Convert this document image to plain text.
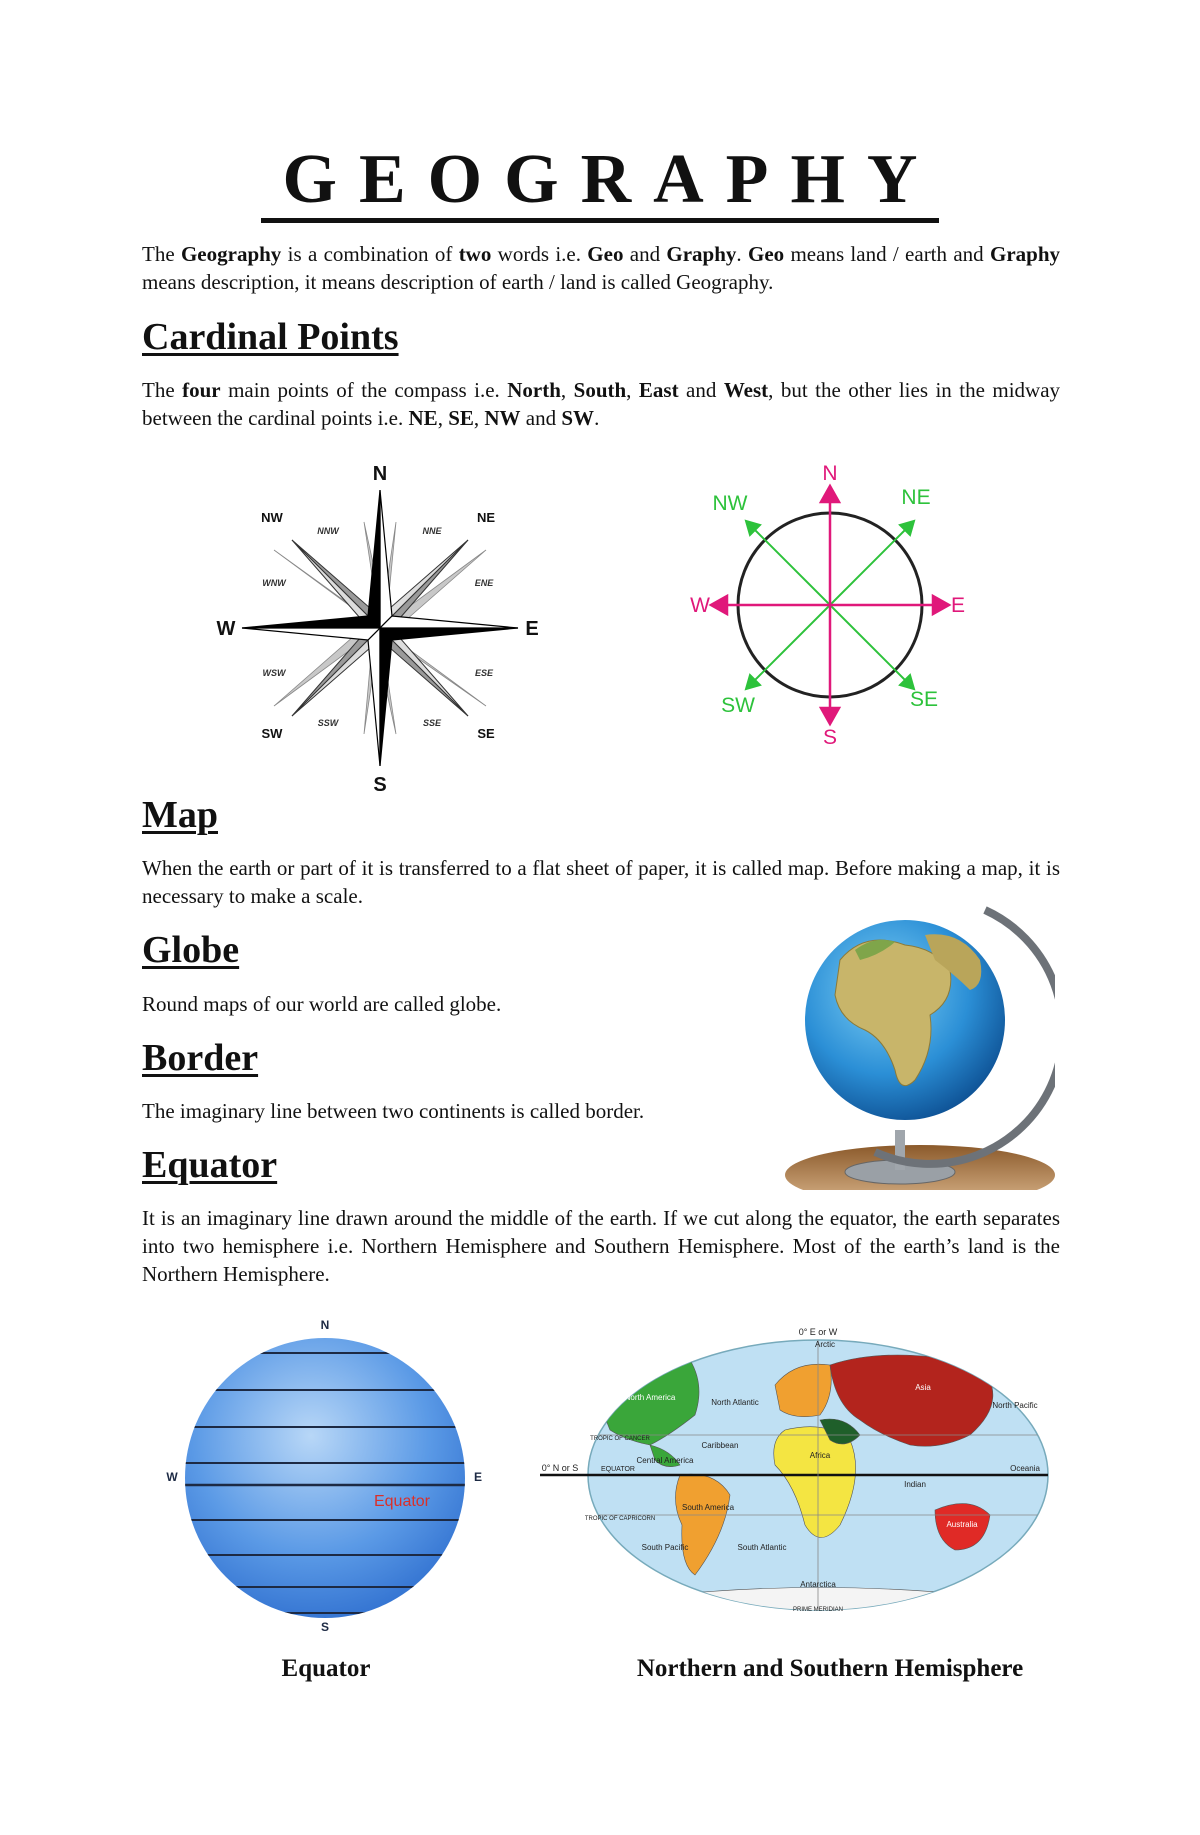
GEOGRAPHY
The Geography is a combination of two words i.e. Geo and Graphy. Geo means land / earth and Graphy means description, it means description of earth / land is called Geography.
Cardinal Points
The four main points of the compass i.e. North, South, East and West, but the other lies in the midway between the cardinal points i.e. NE, SE, NW and SW.
N
E
S
W
NE
SE
SW
NW
NNE
ENE
ESE
SSE
SSW
WSW
WNW
NNW
N
NE
E
SE
S
SW
W
NW
Map
When the earth or part of it is transferred to a flat sheet of paper, it is called map. Before making a map, it is necessary to make a scale.
Globe
Round maps of our world are called globe.
Border
The imaginary line between two continents is called border.
Equator
It is an imaginary line drawn around the middle of the earth. If we cut along the equator, the earth separates into two hemisphere i.e. Northern Hemisphere and Southern Hemisphere. Most of the earth’s land is the Northern Hemisphere.
N
S
E
W
Equator
0° E or W
0° N or S
Arctic
North America
North Atlantic
TROPIC OF CANCER
Caribbean
Central America
EQUATOR
South America
Africa
Asia
North Pacific
Oceania
Indian
Australia
TROPIC OF CAPRICORN
South Pacific	South Atlantic
Antarctica
PRIME MERIDIAN
Equator	Northern and Southern Hemisphere
